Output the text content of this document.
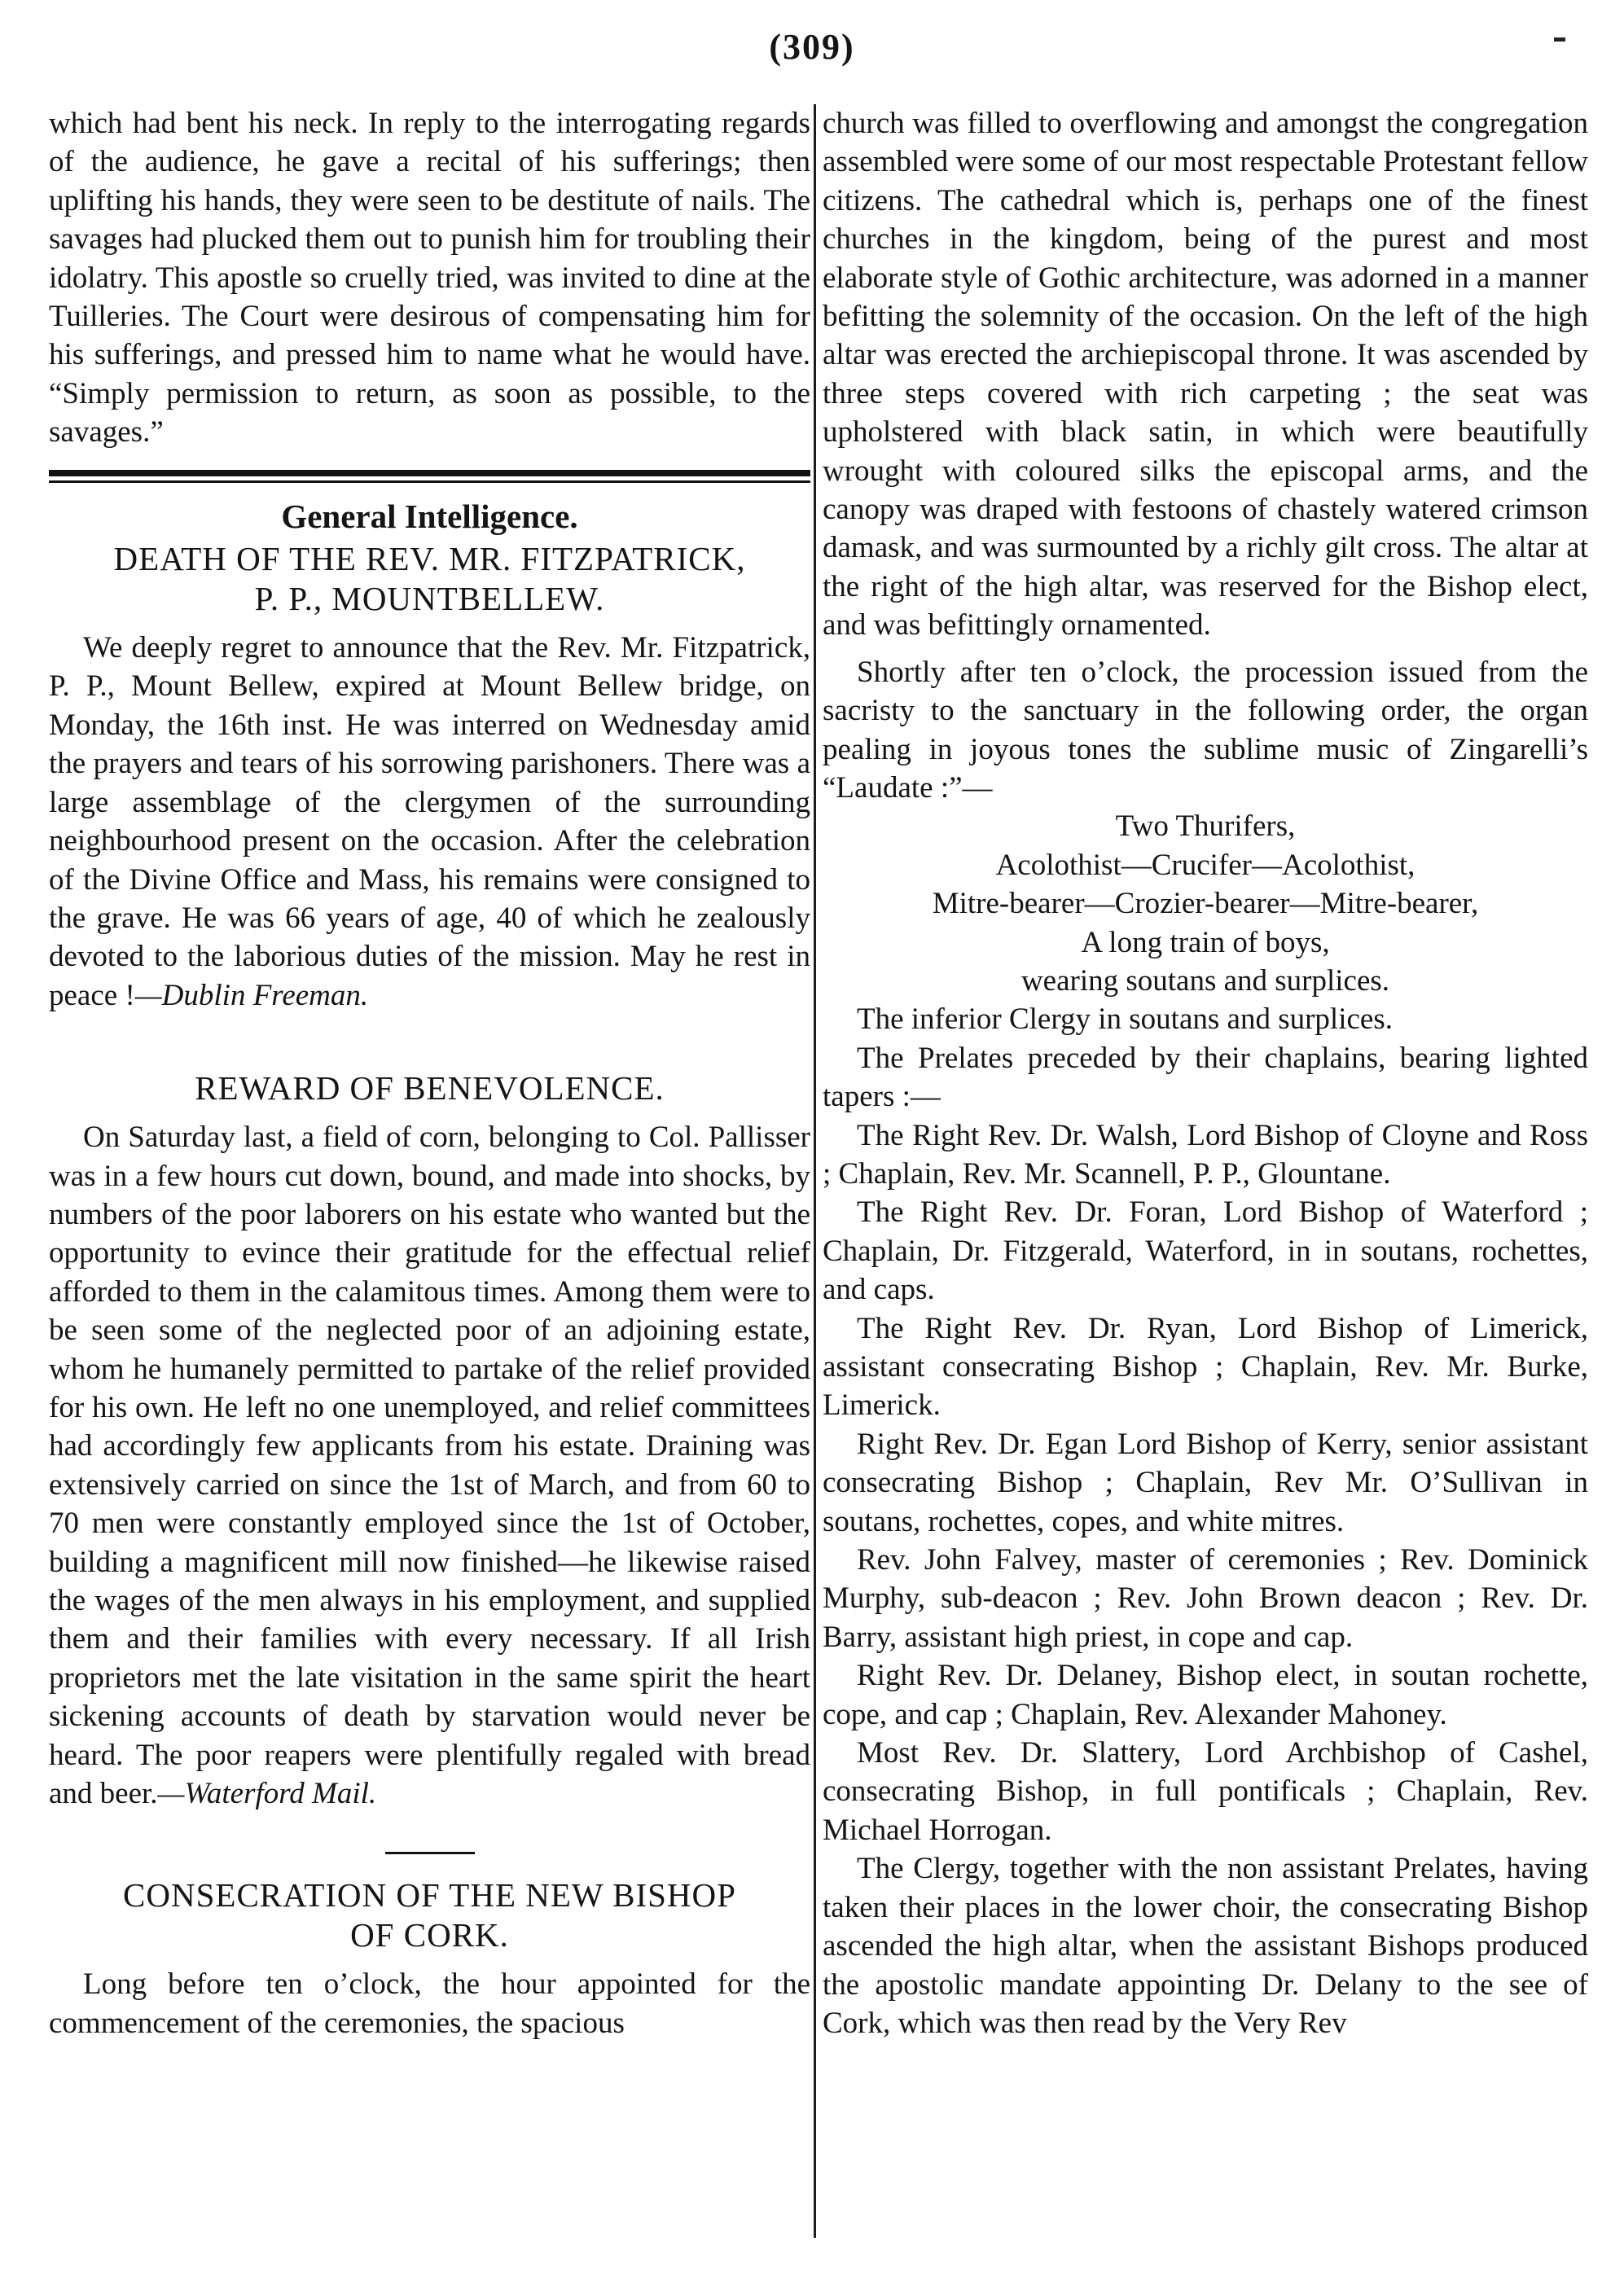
(309)

which had bent his neck. In reply to the interrogating regards of the audience, he gave a recital of his sufferings; then uplifting his hands, they were seen to be destitute of nails. The savages had plucked them out to punish him for troubling their idolatry. This apostle so cruelly tried, was invited to dine at the Tuilleries. The Court were desirous of compensating him for his sufferings, and pressed him to name what he would have. “Simply permission to return, as soon as possible, to the savages.”

General Intelligence.
DEATH OF THE REV. MR. FITZPATRICK,
P. P., MOUNTBELLEW.

We deeply regret to announce that the Rev. Mr. Fitzpatrick, P. P., Mount Bellew, expired at Mount Bellew bridge, on Monday, the 16th inst. He was interred on Wednesday amid the prayers and tears of his sorrowing parishoners. There was a large assemblage of the clergymen of the surrounding neighbourhood present on the occasion. After the celebration of the Divine Office and Mass, his remains were consigned to the grave. He was 66 years of age, 40 of which he zealously devoted to the laborious duties of the mission. May he rest in peace !—Dublin Freeman.

REWARD OF BENEVOLENCE.

On Saturday last, a field of corn, belonging to Col. Pallisser was in a few hours cut down, bound, and made into shocks, by numbers of the poor laborers on his estate who wanted but the opportunity to evince their gratitude for the effectual relief afforded to them in the calamitous times. Among them were to be seen some of the neglected poor of an adjoining estate, whom he humanely permitted to partake of the relief provided for his own. He left no one unemployed, and relief committees had accordingly few applicants from his estate. Draining was extensively carried on since the 1st of March, and from 60 to 70 men were constantly employed since the 1st of October, building a magnificent mill now finished—he likewise raised the wages of the men always in his employment, and supplied them and their families with every necessary. If all Irish proprietors met the late visitation in the same spirit the heart sickening accounts of death by starvation would never be heard. The poor reapers were plentifully regaled with bread and beer.—Waterford Mail.

CONSECRATION OF THE NEW BISHOP
OF CORK.

Long before ten o’clock, the hour appointed for the commencement of the ceremonies, the spacious

church was filled to overflowing and amongst the congregation assembled were some of our most respectable Protestant fellow citizens. The cathedral which is, perhaps one of the finest churches in the kingdom, being of the purest and most elaborate style of Gothic architecture, was adorned in a manner befitting the solemnity of the occasion. On the left of the high altar was erected the archiepiscopal throne. It was ascended by three steps covered with rich carpeting ; the seat was upholstered with black satin, in which were beautifully wrought with coloured silks the episcopal arms, and the canopy was draped with festoons of chastely watered crimson damask, and was surmounted by a richly gilt cross. The altar at the right of the high altar, was reserved for the Bishop elect, and was befittingly ornamented.

Shortly after ten o’clock, the procession issued from the sacristy to the sanctuary in the following order, the organ pealing in joyous tones the sublime music of Zingarelli’s “Laudate :”—

Two Thurifers,
Acolothist—Crucifer—Acolothist,
Mitre-bearer—Crozier-bearer—Mitre-bearer,
A long train of boys,
wearing soutans and surplices.

The inferior Clergy in soutans and surplices.

The Prelates preceded by their chaplains, bearing lighted tapers :—

The Right Rev. Dr. Walsh, Lord Bishop of Cloyne and Ross ; Chaplain, Rev. Mr. Scannell, P. P., Glountane.

The Right Rev. Dr. Foran, Lord Bishop of Waterford ; Chaplain, Dr. Fitzgerald, Waterford, in in soutans, rochettes, and caps.

The Right Rev. Dr. Ryan, Lord Bishop of Limerick, assistant consecrating Bishop ; Chaplain, Rev. Mr. Burke, Limerick.

Right Rev. Dr. Egan Lord Bishop of Kerry, senior assistant consecrating Bishop ; Chaplain, Rev Mr. O’Sullivan in soutans, rochettes, copes, and white mitres.

Rev. John Falvey, master of ceremonies ; Rev. Dominick Murphy, sub-deacon ; Rev. John Brown deacon ; Rev. Dr. Barry, assistant high priest, in cope and cap.

Right Rev. Dr. Delaney, Bishop elect, in soutan rochette, cope, and cap ; Chaplain, Rev. Alexander Mahoney.

Most Rev. Dr. Slattery, Lord Archbishop of Cashel, consecrating Bishop, in full pontificals ; Chaplain, Rev. Michael Horrogan.

The Clergy, together with the non assistant Prelates, having taken their places in the lower choir, the consecrating Bishop ascended the high altar, when the assistant Bishops produced the apostolic mandate appointing Dr. Delany to the see of Cork, which was then read by the Very Rev
